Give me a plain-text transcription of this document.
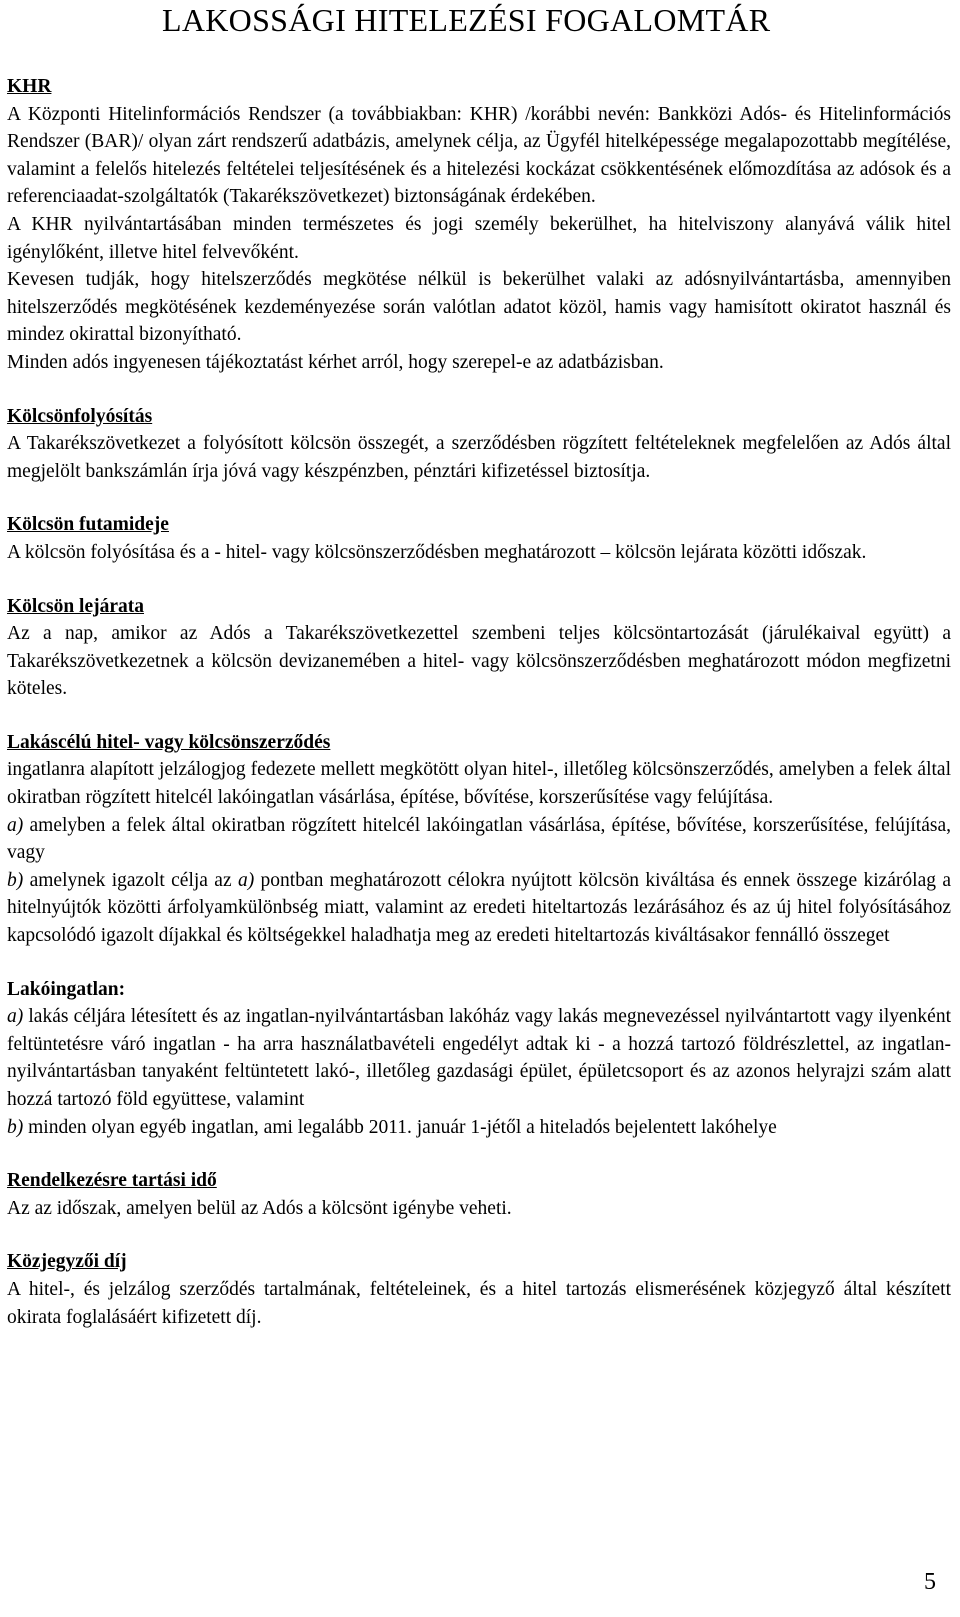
LAKOSSÁGI HITELEZÉSI FOGALOMTÁR

KHR

A Központi Hitelinformációs Rendszer (a továbbiakban: KHR) /korábbi nevén: Bankközi Adós- és Hitelinformációs Rendszer (BAR)/ olyan zárt rendszerű adatbázis, amelynek célja, az Ügyfél hitelképessége megalapozottabb megítélése, valamint a felelős hitelezés feltételei teljesítésének és a hitelezési kockázat csökkentésének előmozdítása az adósok és a referenciaadat-szolgáltatók (Takarékszövetkezet) biztonságának érdekében.

A KHR nyilvántartásában minden természetes és jogi személy bekerülhet, ha hitelviszony alanyává válik hitel igénylőként, illetve hitel felvevőként.

Kevesen tudják, hogy hitelszerződés megkötése nélkül is bekerülhet valaki az adósnyilvántartásba, amennyiben hitelszerződés megkötésének kezdeményezése során valótlan adatot közöl, hamis vagy hamisított okiratot használ és mindez okirattal bizonyítható.

Minden adós ingyenesen tájékoztatást kérhet arról, hogy szerepel-e az adatbázisban.

Kölcsönfolyósítás

A Takarékszövetkezet a folyósított kölcsön összegét, a szerződésben rögzített feltételeknek megfelelően az Adós által megjelölt bankszámlán írja jóvá vagy készpénzben, pénztári kifizetéssel biztosítja.

Kölcsön futamideje

A kölcsön folyósítása és a - hitel- vagy kölcsönszerződésben meghatározott – kölcsön lejárata közötti időszak.

Kölcsön lejárata

Az a nap, amikor az Adós a Takarékszövetkezettel szembeni teljes kölcsöntartozását (járulékaival együtt) a Takarékszövetkezetnek a kölcsön devizanemében a hitel- vagy kölcsönszerződésben meghatározott módon megfizetni köteles.

Lakáscélú hitel- vagy kölcsönszerződés

ingatlanra alapított jelzálogjog fedezete mellett megkötött olyan hitel-, illetőleg kölcsönszerződés, amelyben a felek által okiratban rögzített hitelcél lakóingatlan vásárlása, építése, bővítése, korszerűsítése vagy felújítása.

a) amelyben a felek által okiratban rögzített hitelcél lakóingatlan vásárlása, építése, bővítése, korszerűsítése, felújítása, vagy

b) amelynek igazolt célja az a) pontban meghatározott célokra nyújtott kölcsön kiváltása és ennek összege kizárólag a hitelnyújtók közötti árfolyamkülönbség miatt, valamint az eredeti hiteltartozás lezárásához és az új hitel folyósításához kapcsolódó igazolt díjakkal és költségekkel haladhatja meg az eredeti hiteltartozás kiváltásakor fennálló összeget

Lakóingatlan:

a) lakás céljára létesített és az ingatlan-nyilvántartásban lakóház vagy lakás megnevezéssel nyilvántartott vagy ilyenként feltüntetésre váró ingatlan - ha arra használatbavételi engedélyt adtak ki - a hozzá tartozó földrészlettel, az ingatlan-nyilvántartásban tanyaként feltüntetett lakó-, illetőleg gazdasági épület, épületcsoport és az azonos helyrajzi szám alatt hozzá tartozó föld együttese, valamint

b) minden olyan egyéb ingatlan, ami legalább 2011. január 1-jétől a hiteladós bejelentett lakóhelye

Rendelkezésre tartási idő

Az az időszak, amelyen belül az Adós a kölcsönt igénybe veheti.

Közjegyzői díj

A hitel-, és jelzálog szerződés tartalmának, feltételeinek, és a hitel tartozás elismerésének közjegyző által készített okirata foglalásáért kifizetett díj.

5
